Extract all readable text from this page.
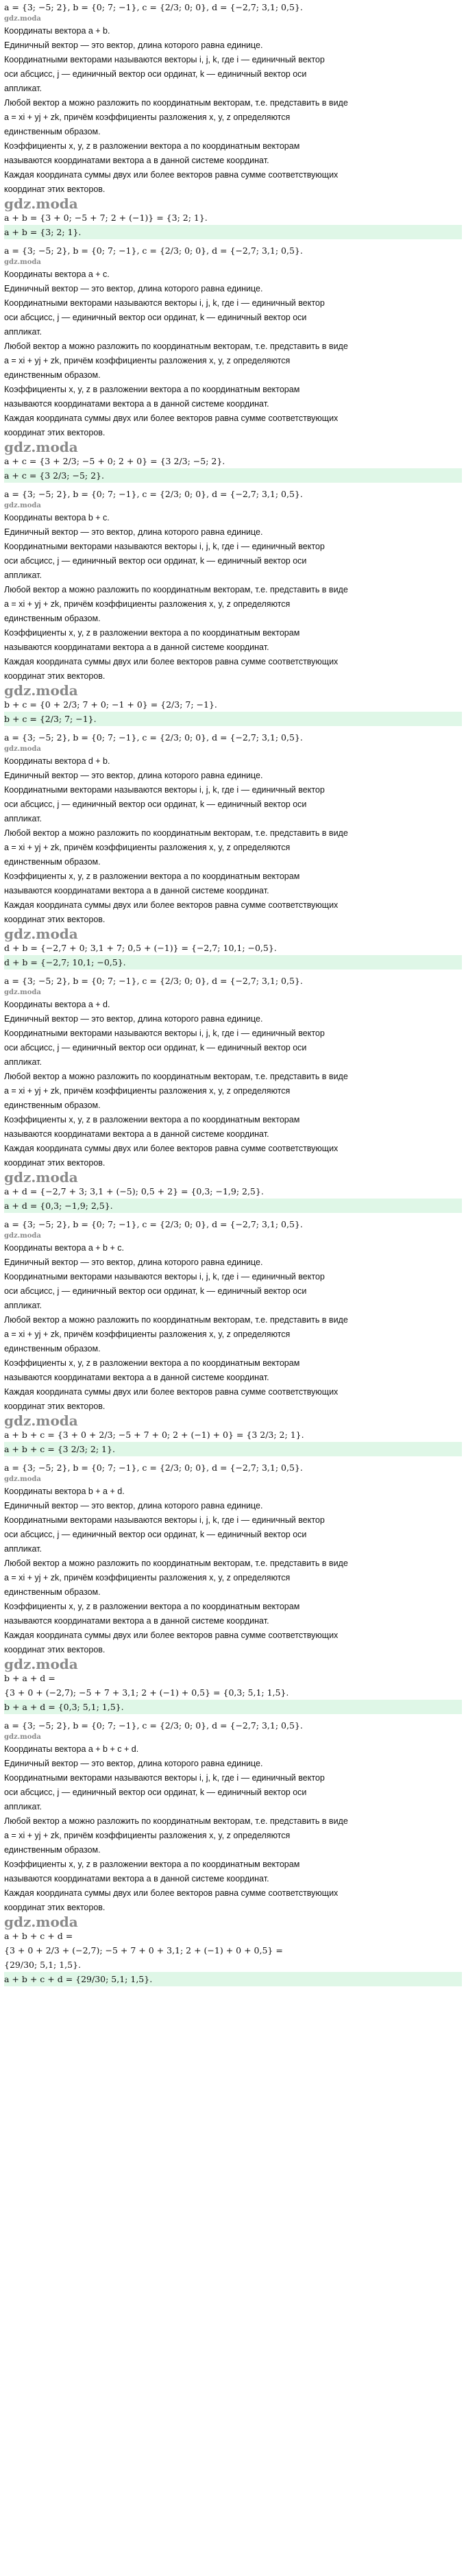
a = {3; −5; 2}, b = {0; 7; −1}, c = {2/3; 0; 0}, d = {−2,7; 3,1; 0,5}.
gdz.moda
Координаты вектора a + b.
Единичный вектор — это вектор, длина которого равна единице.
Координатными векторами называются векторы i, j, k, где i — единичный вектор
оси абсцисс, j — единичный вектор оси ординат, k — единичный вектор оси
аппликат.
Любой вектор a можно разложить по координатным векторам, т.е. представить в виде
a = xi + yj + zk, причём коэффициенты разложения x, y, z определяются
единственным образом.
Коэффициенты x, y, z в разложении вектора a по координатным векторам
называются координатами вектора a в данной системе координат.
Каждая координата суммы двух или более векторов равна сумме соответствующих
координат этих векторов.
gdz.moda
a + b = {3 + 0; −5 + 7; 2 + (−1)} = {3; 2; 1}.
a + b = {3; 2; 1}.
a = {3; −5; 2}, b = {0; 7; −1}, c = {2/3; 0; 0}, d = {−2,7; 3,1; 0,5}.
gdz.moda
Координаты вектора a + c.
Единичный вектор — это вектор, длина которого равна единице.
Координатными векторами называются векторы i, j, k, где i — единичный вектор
оси абсцисс, j — единичный вектор оси ординат, k — единичный вектор оси
аппликат.
Любой вектор a можно разложить по координатным векторам, т.е. представить в виде
a = xi + yj + zk, причём коэффициенты разложения x, y, z определяются
единственным образом.
Коэффициенты x, y, z в разложении вектора a по координатным векторам
называются координатами вектора a в данной системе координат.
Каждая координата суммы двух или более векторов равна сумме соответствующих
координат этих векторов.
gdz.moda
a + c = {3 + 2/3; −5 + 0; 2 + 0} = {3 2/3; −5; 2}.
a + c = {3 2/3; −5; 2}.
a = {3; −5; 2}, b = {0; 7; −1}, c = {2/3; 0; 0}, d = {−2,7; 3,1; 0,5}.
gdz.moda
Координаты вектора b + c.
Единичный вектор — это вектор, длина которого равна единице.
Координатными векторами называются векторы i, j, k, где i — единичный вектор
оси абсцисс, j — единичный вектор оси ординат, k — единичный вектор оси
аппликат.
Любой вектор a можно разложить по координатным векторам, т.е. представить в виде
a = xi + yj + zk, причём коэффициенты разложения x, y, z определяются
единственным образом.
Коэффициенты x, y, z в разложении вектора a по координатным векторам
называются координатами вектора a в данной системе координат.
Каждая координата суммы двух или более векторов равна сумме соответствующих
координат этих векторов.
gdz.moda
b + c = {0 + 2/3; 7 + 0; −1 + 0} = {2/3; 7; −1}.
b + c = {2/3; 7; −1}.
a = {3; −5; 2}, b = {0; 7; −1}, c = {2/3; 0; 0}, d = {−2,7; 3,1; 0,5}.
gdz.moda
Координаты вектора d + b.
Единичный вектор — это вектор, длина которого равна единице.
Координатными векторами называются векторы i, j, k, где i — единичный вектор
оси абсцисс, j — единичный вектор оси ординат, k — единичный вектор оси
аппликат.
Любой вектор a можно разложить по координатным векторам, т.е. представить в виде
a = xi + yj + zk, причём коэффициенты разложения x, y, z определяются
единственным образом.
Коэффициенты x, y, z в разложении вектора a по координатным векторам
называются координатами вектора a в данной системе координат.
Каждая координата суммы двух или более векторов равна сумме соответствующих
координат этих векторов.
gdz.moda
d + b = {−2,7 + 0; 3,1 + 7; 0,5 + (−1)} = {−2,7; 10,1; −0,5}.
d + b = {−2,7; 10,1; −0,5}.
a = {3; −5; 2}, b = {0; 7; −1}, c = {2/3; 0; 0}, d = {−2,7; 3,1; 0,5}.
gdz.moda
Координаты вектора a + d.
Единичный вектор — это вектор, длина которого равна единице.
Координатными векторами называются векторы i, j, k, где i — единичный вектор
оси абсцисс, j — единичный вектор оси ординат, k — единичный вектор оси
аппликат.
Любой вектор a можно разложить по координатным векторам, т.е. представить в виде
a = xi + yj + zk, причём коэффициенты разложения x, y, z определяются
единственным образом.
Коэффициенты x, y, z в разложении вектора a по координатным векторам
называются координатами вектора a в данной системе координат.
Каждая координата суммы двух или более векторов равна сумме соответствующих
координат этих векторов.
gdz.moda
a + d = {−2,7 + 3; 3,1 + (−5); 0,5 + 2} = {0,3; −1,9; 2,5}.
a + d = {0,3; −1,9; 2,5}.
a = {3; −5; 2}, b = {0; 7; −1}, c = {2/3; 0; 0}, d = {−2,7; 3,1; 0,5}.
gdz.moda
Координаты вектора a + b + c.
Единичный вектор — это вектор, длина которого равна единице.
Координатными векторами называются векторы i, j, k, где i — единичный вектор
оси абсцисс, j — единичный вектор оси ординат, k — единичный вектор оси
аппликат.
Любой вектор a можно разложить по координатным векторам, т.е. представить в виде
a = xi + yj + zk, причём коэффициенты разложения x, y, z определяются
единственным образом.
Коэффициенты x, y, z в разложении вектора a по координатным векторам
называются координатами вектора a в данной системе координат.
Каждая координата суммы двух или более векторов равна сумме соответствующих
координат этих векторов.
gdz.moda
a + b + c = {3 + 0 + 2/3; −5 + 7 + 0; 2 + (−1) + 0} = {3 2/3; 2; 1}.
a + b + c = {3 2/3; 2; 1}.
a = {3; −5; 2}, b = {0; 7; −1}, c = {2/3; 0; 0}, d = {−2,7; 3,1; 0,5}.
gdz.moda
Координаты вектора b + a + d.
Единичный вектор — это вектор, длина которого равна единице.
Координатными векторами называются векторы i, j, k, где i — единичный вектор
оси абсцисс, j — единичный вектор оси ординат, k — единичный вектор оси
аппликат.
Любой вектор a можно разложить по координатным векторам, т.е. представить в виде
a = xi + yj + zk, причём коэффициенты разложения x, y, z определяются
единственным образом.
Коэффициенты x, y, z в разложении вектора a по координатным векторам
называются координатами вектора a в данной системе координат.
Каждая координата суммы двух или более векторов равна сумме соответствующих
координат этих векторов.
gdz.moda
b + a + d =
{3 + 0 + (−2,7); −5 + 7 + 3,1; 2 + (−1) + 0,5} = {0,3; 5,1; 1,5}.
b + a + d = {0,3; 5,1; 1,5}.
a = {3; −5; 2}, b = {0; 7; −1}, c = {2/3; 0; 0}, d = {−2,7; 3,1; 0,5}.
gdz.moda
Координаты вектора a + b + c + d.
Единичный вектор — это вектор, длина которого равна единице.
Координатными векторами называются векторы i, j, k, где i — единичный вектор
оси абсцисс, j — единичный вектор оси ординат, k — единичный вектор оси
аппликат.
Любой вектор a можно разложить по координатным векторам, т.е. представить в виде
a = xi + yj + zk, причём коэффициенты разложения x, y, z определяются
единственным образом.
Коэффициенты x, y, z в разложении вектора a по координатным векторам
называются координатами вектора a в данной системе координат.
Каждая координата суммы двух или более векторов равна сумме соответствующих
координат этих векторов.
gdz.moda
a + b + c + d =
{3 + 0 + 2/3 + (−2,7); −5 + 7 + 0 + 3,1; 2 + (−1) + 0 + 0,5} =
{29/30; 5,1; 1,5}.
a + b + c + d = {29/30; 5,1; 1,5}.
